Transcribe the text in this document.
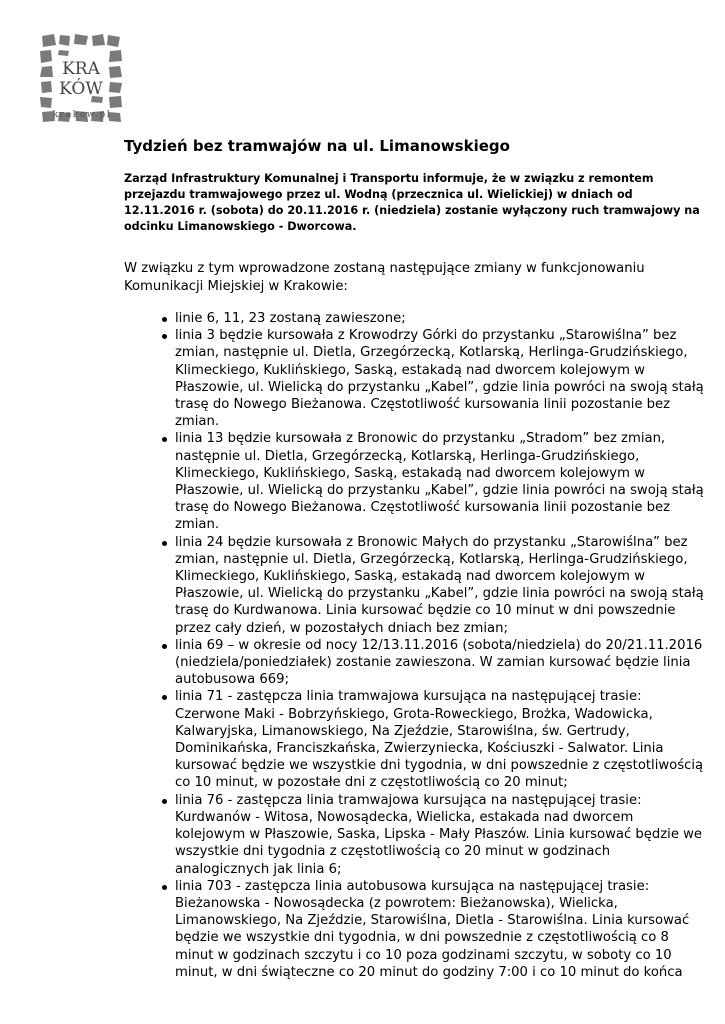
KRA
KÓW
krakow.pl
Tydzień bez tramwajów na ul. Limanowskiego

Zarząd Infrastruktury Komunalnej i Transportu informuje, że w związku z remontem przejazdu tramwajowego przez ul. Wodną (przecznica ul. Wielickiej) w dniach od 12.11.2016 r. (sobota) do 20.11.2016 r. (niedziela) zostanie wyłączony ruch tramwajowy na odcinku Limanowskiego - Dworcowa.

W związku z tym wprowadzone zostaną następujące zmiany w funkcjonowaniu Komunikacji Miejskiej w Krakowie:

linie 6, 11, 23 zostaną zawieszone;
linia 3 będzie kursowała z Krowodrzy Górki do przystanku „Starowiślna” bez zmian, następnie ul. Dietla, Grzegórzecką, Kotlarską, Herlinga-Grudzińskiego, Klimeckiego, Kuklińskiego, Saską, estakadą nad dworcem kolejowym w Płaszowie, ul. Wielicką do przystanku „Kabel”, gdzie linia powróci na swoją stałą trasę do Nowego Bieżanowa. Częstotliwość kursowania linii pozostanie bez zmian.
linia 13 będzie kursowała z Bronowic do przystanku „Stradom” bez zmian, następnie ul. Dietla, Grzegórzecką, Kotlarską, Herlinga-Grudzińskiego, Klimeckiego, Kuklińskiego, Saską, estakadą nad dworcem kolejowym w Płaszowie, ul. Wielicką do przystanku „Kabel”, gdzie linia powróci na swoją stałą trasę do Nowego Bieżanowa. Częstotliwość kursowania linii pozostanie bez zmian.
linia 24 będzie kursowała z Bronowic Małych do przystanku „Starowiślna” bez zmian, następnie ul. Dietla, Grzegórzecką, Kotlarską, Herlinga-Grudzińskiego, Klimeckiego, Kuklińskiego, Saską, estakadą nad dworcem kolejowym w Płaszowie, ul. Wielicką do przystanku „Kabel”, gdzie linia powróci na swoją stałą trasę do Kurdwanowa. Linia kursować będzie co 10 minut w dni powszednie przez cały dzień, w pozostałych dniach bez zmian;
linia 69 – w okresie od nocy 12/13.11.2016 (sobota/niedziela) do 20/21.11.2016 (niedziela/poniedziałek) zostanie zawieszona. W zamian kursować będzie linia autobusowa 669;
linia 71 - zastępcza linia tramwajowa kursująca na następującej trasie: Czerwone Maki - Bobrzyńskiego, Grota-Roweckiego, Brożka, Wadowicka, Kalwaryjska, Limanowskiego, Na Zjeździe, Starowiślna, św. Gertrudy, Dominikańska, Franciszkańska, Zwierzyniecka, Kościuszki - Salwator. Linia kursować będzie we wszystkie dni tygodnia, w dni powszednie z częstotliwością co 10 minut, w pozostałe dni z częstotliwością co 20 minut;
linia 76 - zastępcza linia tramwajowa kursująca na następującej trasie: Kurdwanów - Witosa, Nowosądecka, Wielicka, estakada nad dworcem kolejowym w Płaszowie, Saska, Lipska - Mały Płaszów. Linia kursować będzie we wszystkie dni tygodnia z częstotliwością co 20 minut w godzinach analogicznych jak linia 6;
linia 703 - zastępcza linia autobusowa kursująca na następującej trasie: Bieżanowska - Nowosądecka (z powrotem: Bieżanowska), Wielicka, Limanowskiego, Na Zjeździe, Starowiślna, Dietla - Starowiślna. Linia kursować będzie we wszystkie dni tygodnia, w dni powszednie z częstotliwością co 8 minut w godzinach szczytu i co 10 poza godzinami szczytu, w soboty co 10 minut, w dni świąteczne co 20 minut do godziny 7:00 i co 10 minut do końca
